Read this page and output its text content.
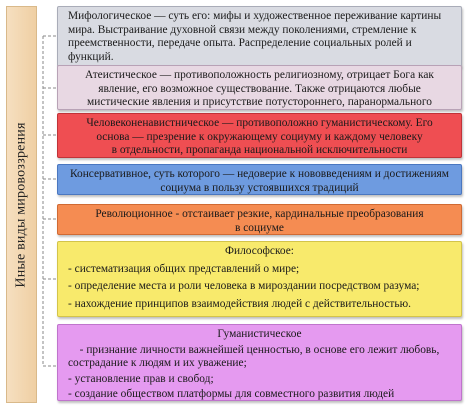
Иные виды мировоззрения
Мифологическое — суть его: мифы и художественное переживание картины
мира. Выстраивание духовной связи между поколениями, стремление к
преемственности, передаче опыта. Распределение социальных ролей и
функций.
Атеистическое — противоположность религиозному, отрицает Бога как
явление, его возможное существование. Также отрицаются любые
мистические явления и присутствие потустороннего, паранормального
Человеконенавистническое — противоположно гуманистическому. Его
основа — презрение к окружающему социуму и каждому человеку
в отдельности, пропаганда национальной исключительности
Консервативное, суть которого — недоверие к нововведениям и достижениям
социума в пользу устоявшихся традиций
Революционное - отстаивает резкие, кардинальные преобразования
в социуме
Философское:
- систематизация общих представлений о мире;
- определение места и роли человека в мироздании посредством разума;
- нахождение принципов взаимодействия людей с действительностью.
Гуманистическое
- признание личности важнейшей ценностью, в основе его лежит любовь,
сострадание к людям и их уважение;
- установление прав и свобод;
- создание обществом платформы для совместного развития людей
